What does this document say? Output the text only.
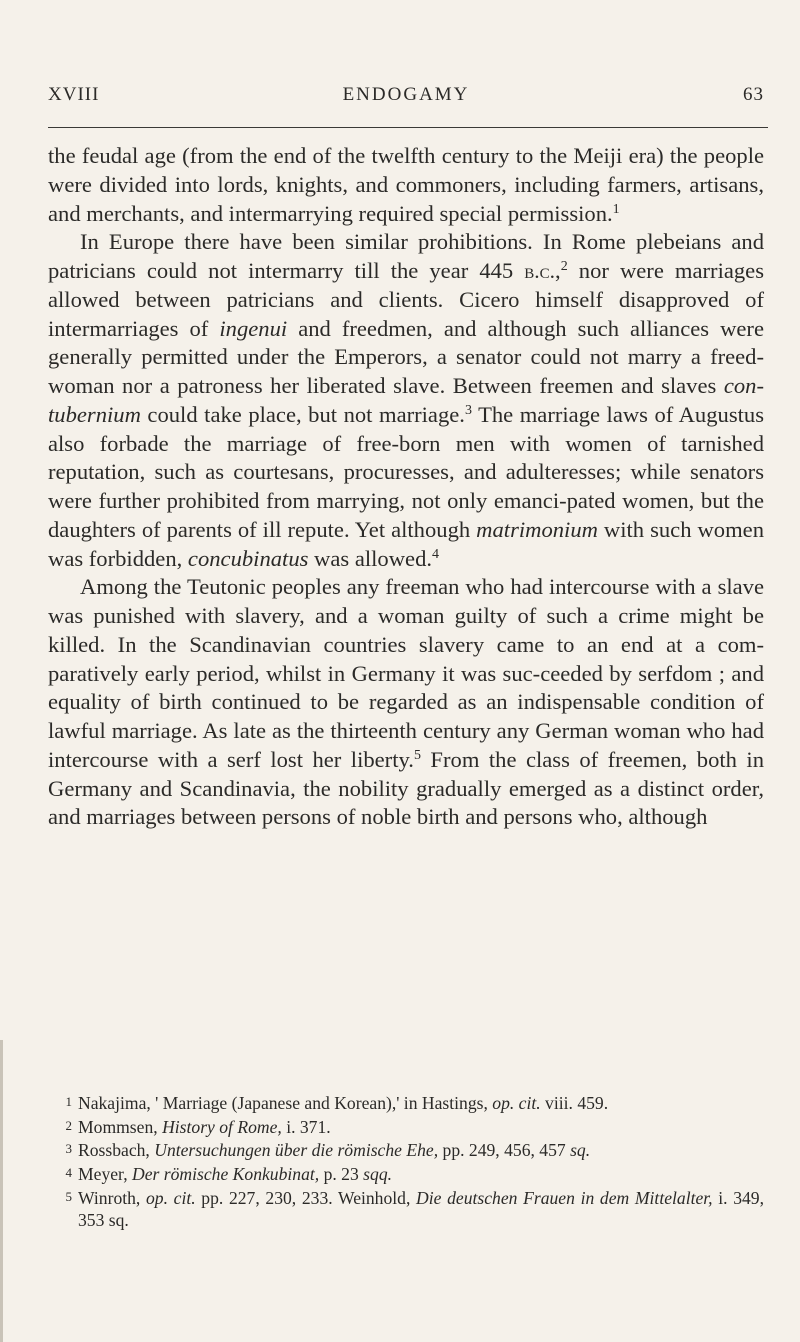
XVIII	ENDOGAMY	63

the feudal age (from the end of the twelfth century to the Meiji era) the people were divided into lords, knights, and commoners, including farmers, artisans, and merchants, and intermarrying required special permission.$^1$

In Europe there have been similar prohibitions. In Rome plebeians and patricians could not intermarry till the year 445 b.c.,$^2$ nor were marriages allowed between patricians and clients. Cicero himself disapproved of intermarriages of ingenui and freedmen, and although such alliances were generally permitted under the Emperors, a senator could not marry a freed-woman nor a patroness her liberated slave. Between freemen and slaves con-tubernium could take place, but not marriage.$^3$ The marriage laws of Augustus also forbade the marriage of free-born men with women of tarnished reputation, such as courtesans, procuresses, and adulteresses; while senators were further prohibited from marrying, not only emanci-pated women, but the daughters of parents of ill repute. Yet although matrimonium with such women was forbidden, concubinatus was allowed.$^4$

Among the Teutonic peoples any freeman who had intercourse with a slave was punished with slavery, and a woman guilty of such a crime might be killed. In the Scandinavian countries slavery came to an end at a com-paratively early period, whilst in Germany it was suc-ceeded by serfdom ; and equality of birth continued to be regarded as an indispensable condition of lawful marriage. As late as the thirteenth century any German woman who had intercourse with a serf lost her liberty.$^5$ From the class of freemen, both in Germany and Scandinavia, the nobility gradually emerged as a distinct order, and marriages between persons of noble birth and persons who, although

1 Nakajima, ' Marriage (Japanese and Korean),' in Hastings, op. cit. viii. 459.

2 Mommsen, History of Rome, i. 371.

3 Rossbach, Untersuchungen über die römische Ehe, pp. 249, 456, 457 sq.

4 Meyer, Der römische Konkubinat, p. 23 sqq.

5 Winroth, op. cit. pp. 227, 230, 233. Weinhold, Die deutschen Frauen in dem Mittelalter, i. 349, 353 sq.
